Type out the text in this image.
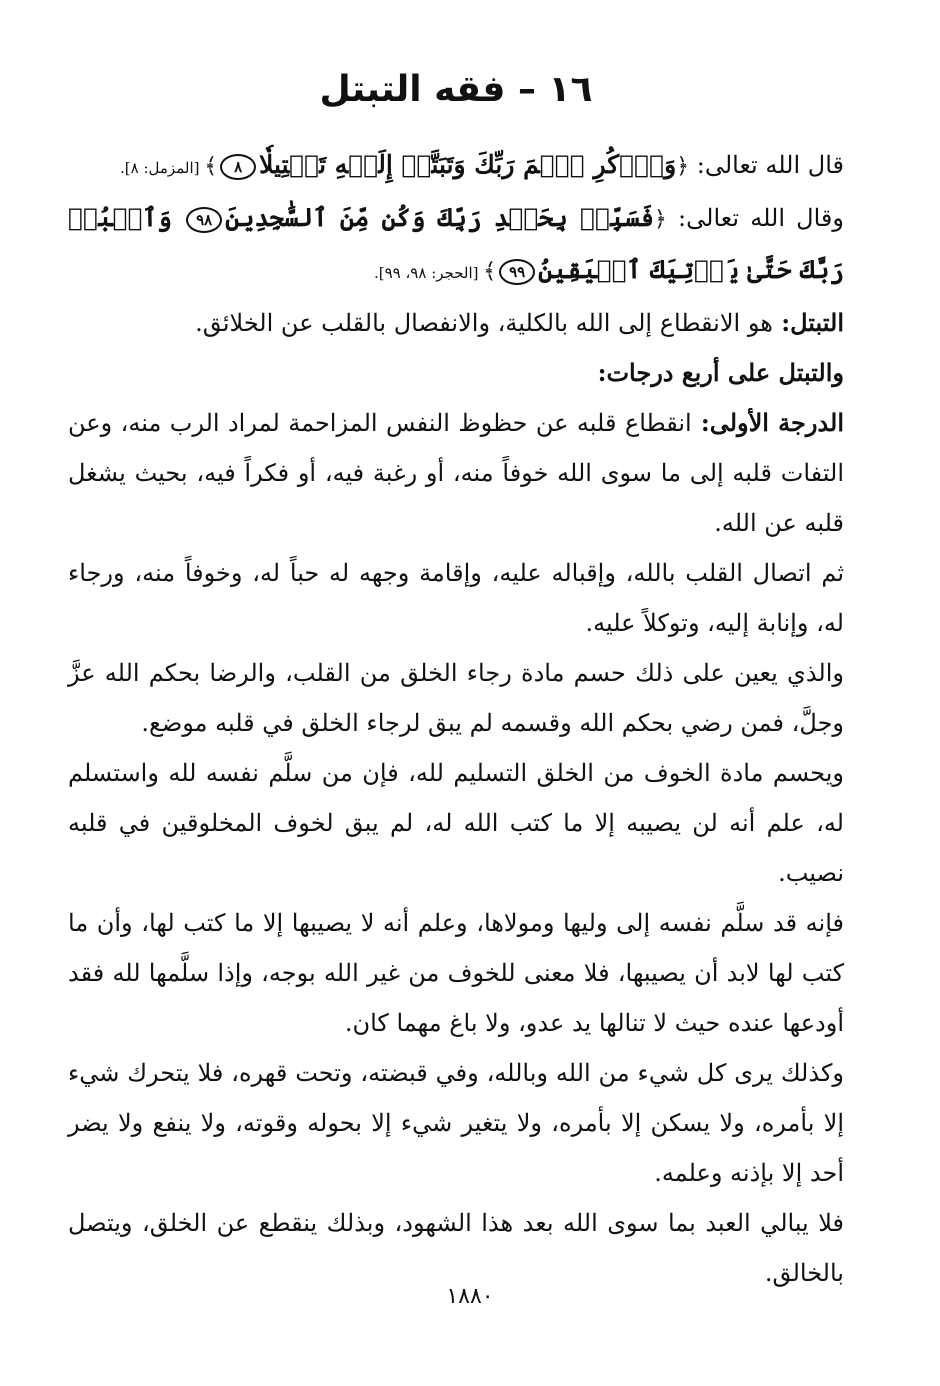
١٦ – فقه التبتل

قال الله تعالى: ﴿وَٱذۡكُرِ ٱسۡمَ رَبِّكَ وَتَبَتَّلۡ إِلَيۡهِ تَبۡتِيلٗا٨﴾ [المزمل: ٨].

وقال الله تعالى: ﴿فَسَبِّحۡ بِحَمۡدِ رَبِّكَ وَكُن مِّنَ ٱلسَّٰجِدِينَ٩٨ وَٱعۡبُدۡ رَبَّكَ حَتَّىٰ يَأۡتِيَكَ ٱلۡيَقِينُ٩٩﴾ [الحجر: ٩٨، ٩٩].

التبتل: هو الانقطاع إلى الله بالكلية، والانفصال بالقلب عن الخلائق.

والتبتل على أربع درجات:

الدرجة الأولى: انقطاع قلبه عن حظوظ النفس المزاحمة لمراد الرب منه، وعن التفات قلبه إلى ما سوى الله خوفاً منه، أو رغبة فيه، أو فكراً فيه، بحيث يشغل قلبه عن الله.

ثم اتصال القلب بالله، وإقباله عليه، وإقامة وجهه له حباً له، وخوفاً منه، ورجاء له، وإنابة إليه، وتوكلاً عليه.

والذي يعين على ذلك حسم مادة رجاء الخلق من القلب، والرضا بحكم الله عزَّ وجلَّ، فمن رضي بحكم الله وقسمه لم يبق لرجاء الخلق في قلبه موضع.

ويحسم مادة الخوف من الخلق التسليم لله، فإن من سلَّم نفسه لله واستسلم له، علم أنه لن يصيبه إلا ما كتب الله له، لم يبق لخوف المخلوقين في قلبه نصيب.

فإنه قد سلَّم نفسه إلى وليها ومولاها، وعلم أنه لا يصيبها إلا ما كتب لها، وأن ما كتب لها لابد أن يصيبها، فلا معنى للخوف من غير الله بوجه، وإذا سلَّمها لله فقد أودعها عنده حيث لا تنالها يد عدو، ولا باغ مهما كان.

وكذلك يرى كل شيء من الله وبالله، وفي قبضته، وتحت قهره، فلا يتحرك شيء إلا بأمره، ولا يسكن إلا بأمره، ولا يتغير شيء إلا بحوله وقوته، ولا ينفع ولا يضر أحد إلا بإذنه وعلمه.

فلا يبالي العبد بما سوى الله بعد هذا الشهود، وبذلك ينقطع عن الخلق، ويتصل بالخالق.

١٨٨٠
